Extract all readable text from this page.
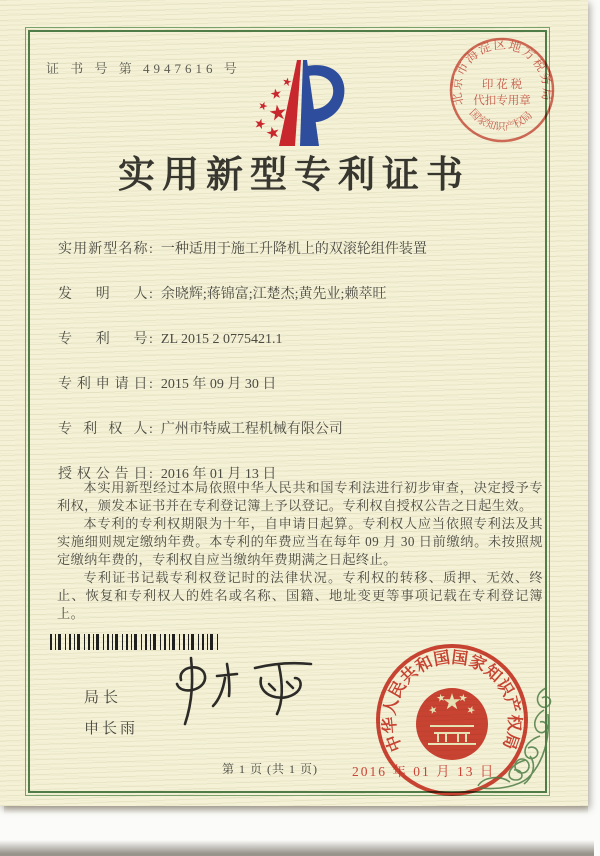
证 书 号 第 4947616 号
北京市海淀区地方税务局
国家知识产权局
印 花 税
代扣专用章
实用新型专利证书
实用新型名称: 一种适用于施工升降机上的双滚轮组件装置
发明人: 余晓辉;蒋锦富;江楚杰;黄先业;赖萃旺
专利号: ZL 2015 2 0775421.1
专利申请日: 2015 年 09 月 30 日
专利权人: 广州市特威工程机械有限公司
授权公告日: 2016 年 01 月 13 日

本实用新型经过本局依照中华人民共和国专利法进行初步审查，决定授予专利权，颁发本证书并在专利登记簿上予以登记。专利权自授权公告之日起生效。

本专利的专利权期限为十年，自申请日起算。专利权人应当依照专利法及其实施细则规定缴纳年费。本专利的年费应当在每年 09 月 30 日前缴纳。未按照规定缴纳年费的，专利权自应当缴纳年费期满之日起终止。

专利证书记载专利权登记时的法律状况。专利权的转移、质押、无效、终止、恢复和专利权人的姓名或名称、国籍、地址变更等事项记载在专利登记簿上。

局长
申长雨
中华人民共和国国家知识产权局
2016 年 01 月 13 日
第 1 页 (共 1 页)
